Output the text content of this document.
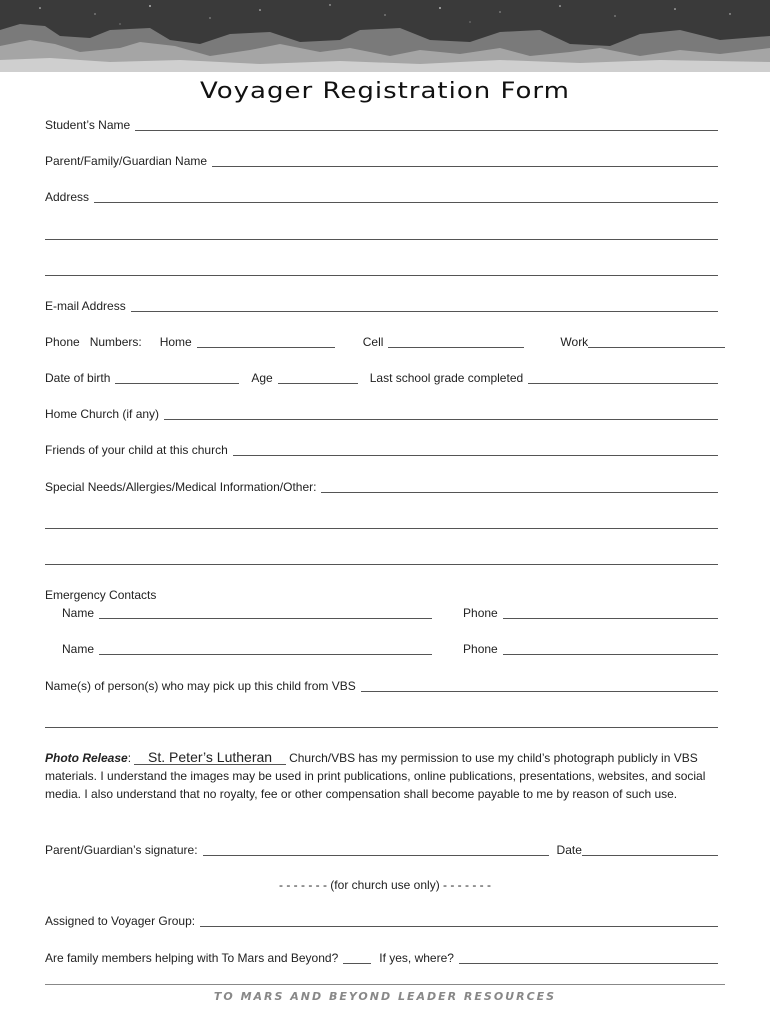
Voyager Registration Form
Student’s Name
Parent/Family/Guardian Name
Address
E-mail Address
Phone   Numbers: Home	Cell	Work
Date of birth	Age	Last school grade completed
Home Church (if any)
Friends of your child at this church
Special Needs/Allergies/Medical Information/Other:
Emergency Contacts
Name	Phone
Name	Phone
Name(s) of person(s) who may pick up this child from VBS
Photo Release: St. Peter’s Lutheran Church/VBS has my permission to use my child’s photograph publicly in VBS materials. I understand the images may be used in print publications, online publications, presentations, websites, and social media. I also understand that no royalty, fee or other compensation shall become payable to me by reason of such use.
Parent/Guardian’s signature:	Date
- - - - - - - (for church use only) - - - - - - -
Assigned to Voyager Group:
Are family members helping with To Mars and Beyond?	If yes, where?
TO MARS AND BEYOND LEADER RESOURCES
